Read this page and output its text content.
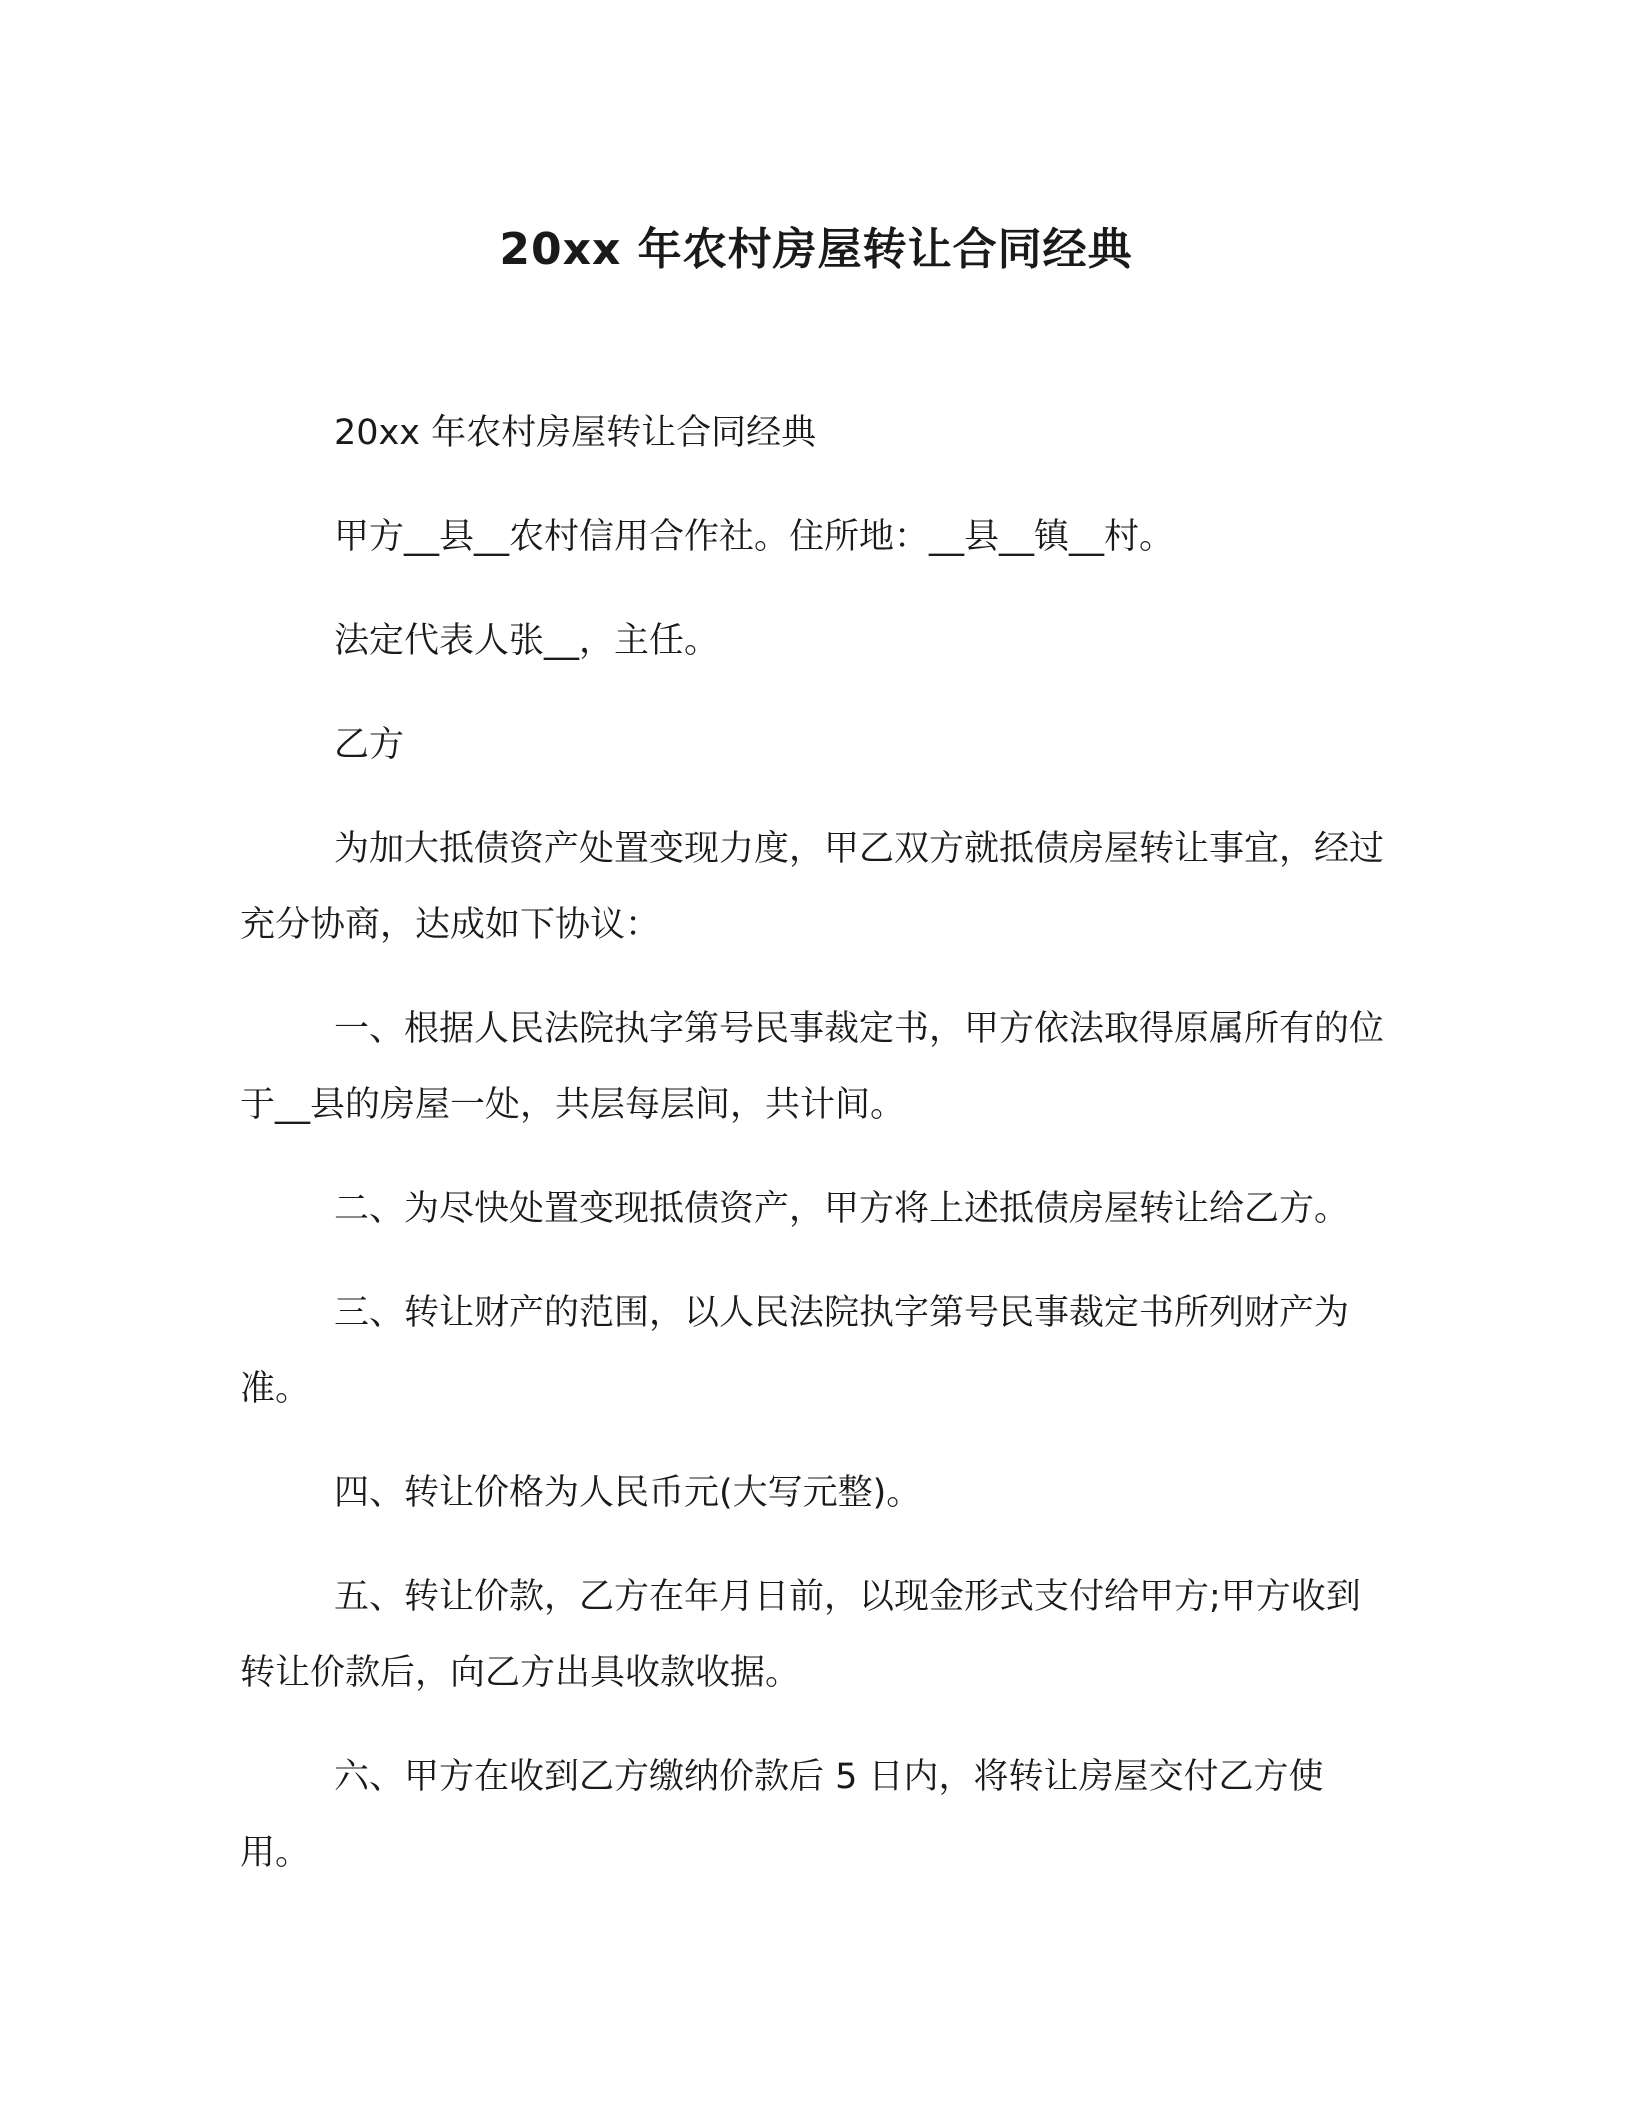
20xx 年农村房屋转让合同经典

20xx 年农村房屋转让合同经典

甲方__县__农村信用合作社。住所地：__县__镇__村。

法定代表人张__，主任。

乙方

为加大抵债资产处置变现力度，甲乙双方就抵债房屋转让事宜，经过充分协商，达成如下协议：

一、根据人民法院执字第号民事裁定书，甲方依法取得原属所有的位于__县的房屋一处，共层每层间，共计间。

二、为尽快处置变现抵债资产，甲方将上述抵债房屋转让给乙方。

三、转让财产的范围，以人民法院执字第号民事裁定书所列财产为准。

四、转让价格为人民币元(大写元整)。

五、转让价款，乙方在年月日前，以现金形式支付给甲方;甲方收到转让价款后，向乙方出具收款收据。

六、甲方在收到乙方缴纳价款后 5 日内，将转让房屋交付乙方使用。
